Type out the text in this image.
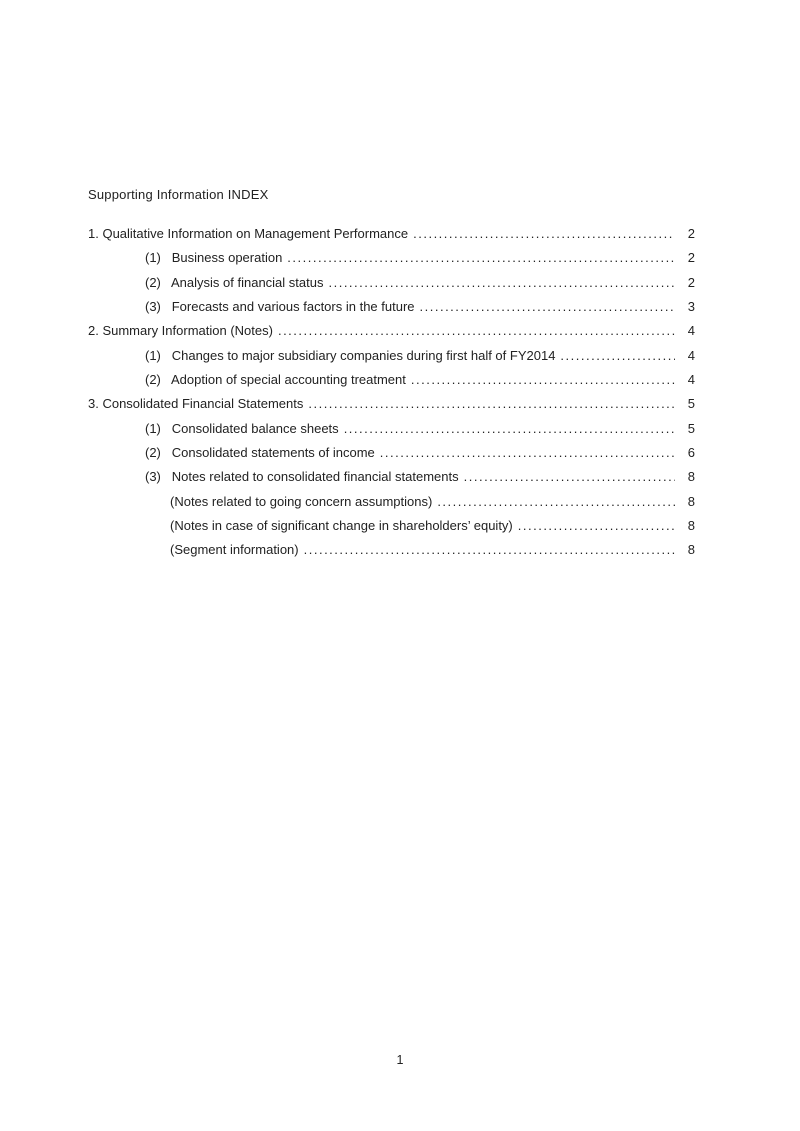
Supporting Information INDEX
1. Qualitative Information on Management Performance .....	2
(1)   Business operation .....	2
(2)   Analysis of financial status .....	2
(3)   Forecasts and various factors in the future .....	3
2. Summary Information (Notes) .....	4
(1)   Changes to major subsidiary companies during first half of FY2014 .....	4
(2)   Adoption of special accounting treatment .....	4
3. Consolidated Financial Statements .....	5
(1)   Consolidated balance sheets .....	5
(2)   Consolidated statements of income .....	6
(3)   Notes related to consolidated financial statements .....	8
(Notes related to going concern assumptions) .....	8
(Notes in case of significant change in shareholders’ equity) .....	8
(Segment information) .....	8
1
